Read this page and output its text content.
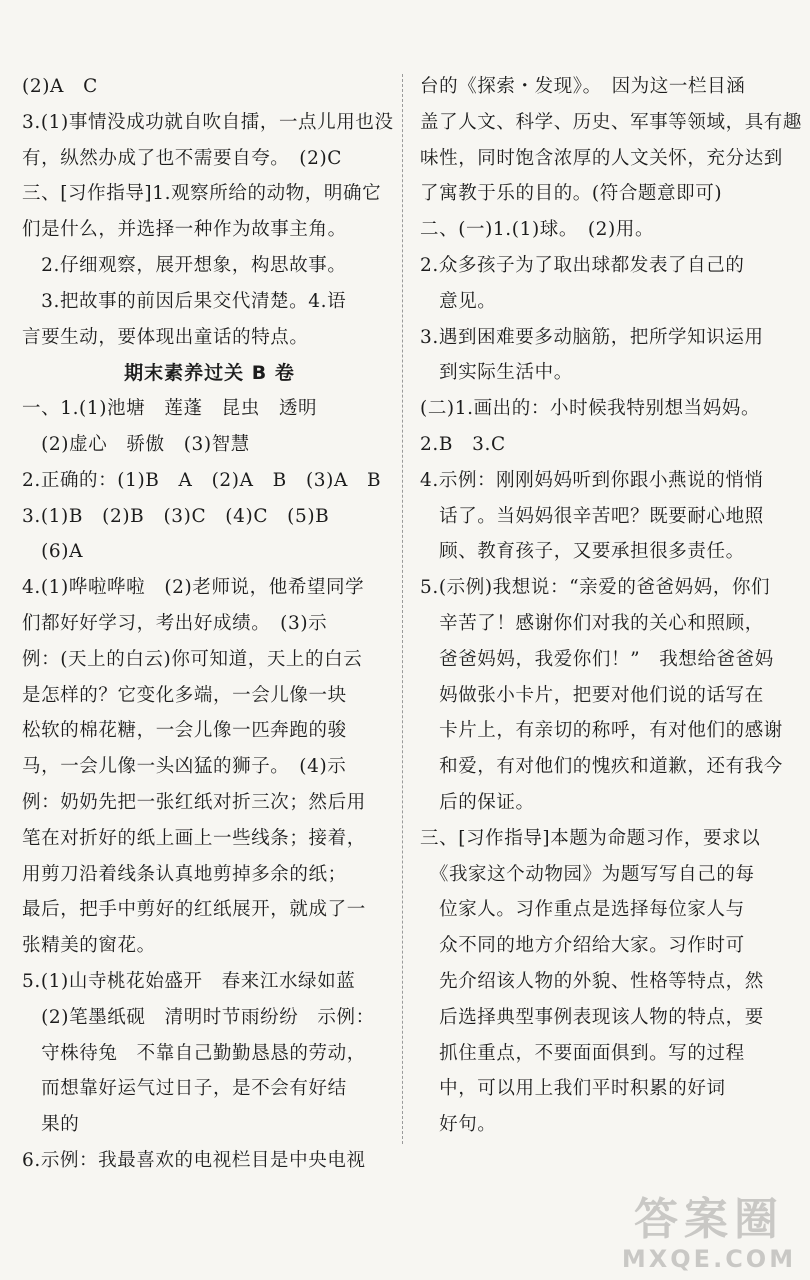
(2)A　C
3.(1)事情没成功就自吹自擂，一点儿用也没
有，纵然办成了也不需要自夸。　(2)C
三、[习作指导]1.观察所给的动物，明确它
们是什么，并选择一种作为故事主角。
　2.仔细观察，展开想象，构思故事。
　3.把故事的前因后果交代清楚。4.语
言要生动，要体现出童话的特点。
期末素养过关 B 卷
一、1.(1)池塘　莲蓬　昆虫　透明
　(2)虚心　骄傲　(3)智慧
2.正确的：(1)B　A　(2)A　B　(3)A　B
3.(1)B　(2)B　(3)C　(4)C　(5)B
　(6)A
4.(1)哗啦哗啦　(2)老师说，他希望同学
们都好好学习，考出好成绩。　(3)示
例：(天上的白云)你可知道，天上的白云
是怎样的？它变化多端，一会儿像一块
松软的棉花糖，一会儿像一匹奔跑的骏
马，一会儿像一头凶猛的狮子。　(4)示
例：奶奶先把一张红纸对折三次；然后用
笔在对折好的纸上画上一些线条；接着，
用剪刀沿着线条认真地剪掉多余的纸；
最后，把手中剪好的红纸展开，就成了一
张精美的窗花。
5.(1)山寺桃花始盛开　春来江水绿如蓝
　(2)笔墨纸砚　清明时节雨纷纷　示例：
　守株待兔　不靠自己勤勤恳恳的劳动，
　而想靠好运气过日子，是不会有好结
　果的
6.示例：我最喜欢的电视栏目是中央电视
台的《探索・发现》。　因为这一栏目涵
盖了人文、科学、历史、军事等领域，具有趣
味性，同时饱含浓厚的人文关怀，充分达到
了寓教于乐的目的。(符合题意即可)
二、(一)1.(1)球。　(2)用。
2.众多孩子为了取出球都发表了自己的
　意见。
3.遇到困难要多动脑筋，把所学知识运用
　到实际生活中。
(二)1.画出的：小时候我特别想当妈妈。
2.B　3.C
4.示例：刚刚妈妈听到你跟小燕说的悄悄
　话了。当妈妈很辛苦吧？既要耐心地照
　顾、教育孩子，又要承担很多责任。
5.(示例)我想说：“亲爱的爸爸妈妈，你们
　辛苦了！感谢你们对我的关心和照顾，
　爸爸妈妈，我爱你们！”　我想给爸爸妈
　妈做张小卡片，把要对他们说的话写在
　卡片上，有亲切的称呼，有对他们的感谢
　和爱，有对他们的愧疚和道歉，还有我今
　后的保证。
三、[习作指导]本题为命题习作，要求以
　《我家这个动物园》为题写写自己的每
　位家人。习作重点是选择每位家人与
　众不同的地方介绍给大家。习作时可
　先介绍该人物的外貌、性格等特点，然
　后选择典型事例表现该人物的特点，要
　抓住重点，不要面面俱到。写的过程
　中，可以用上我们平时积累的好词
　好句。
答案圈
MXQE.COM
